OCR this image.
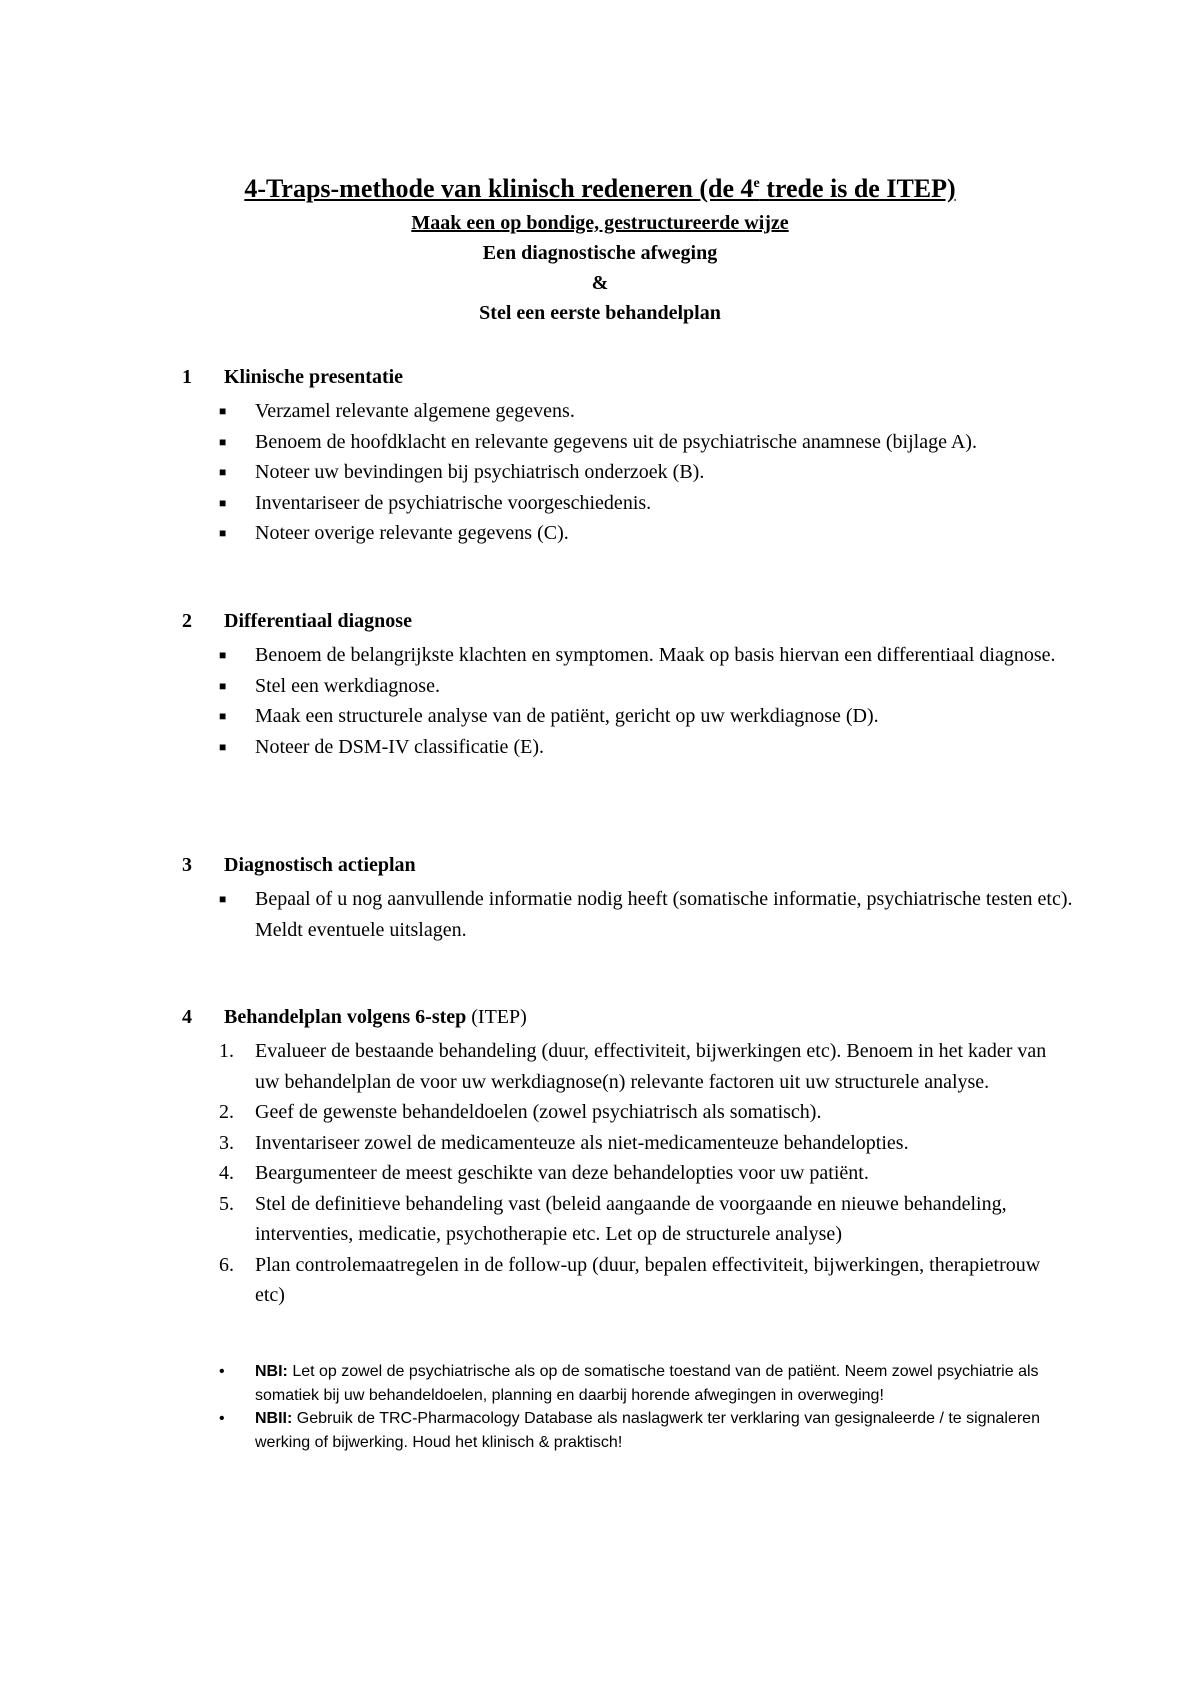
4-Traps-methode van klinisch redeneren (de 4e trede is de ITEP)
Maak een op bondige, gestructureerde wijze
Een diagnostische afweging
&
Stel een eerste behandelplan
1 Klinische presentatie
■ Verzamel relevante algemene gegevens.
■ Benoem de hoofdklacht en relevante gegevens uit de psychiatrische anamnese (bijlage A).
■ Noteer uw bevindingen bij psychiatrisch onderzoek (B).
■ Inventariseer de psychiatrische voorgeschiedenis.
■ Noteer overige relevante gegevens (C).
2 Differentiaal diagnose
■ Benoem de belangrijkste klachten en symptomen. Maak op basis hiervan een differentiaal diagnose.
■ Stel een werkdiagnose.
■ Maak een structurele analyse van de patiënt, gericht op uw werkdiagnose (D).
■ Noteer de DSM-IV classificatie (E).
3 Diagnostisch actieplan
■ Bepaal of u nog aanvullende informatie nodig heeft (somatische informatie, psychiatrische testen etc). Meldt eventuele uitslagen.
4 Behandelplan volgens 6-step (ITEP)
1. Evalueer de bestaande behandeling (duur, effectiviteit, bijwerkingen etc). Benoem in het kader van uw behandelplan de voor uw werkdiagnose(n) relevante factoren uit uw structurele analyse.
2. Geef de gewenste behandeldoelen (zowel psychiatrisch als somatisch).
3. Inventariseer zowel de medicamenteuze als niet-medicamenteuze behandelopties.
4. Beargumenteer de meest geschikte van deze behandelopties voor uw patiënt.
5. Stel de definitieve behandeling vast (beleid aangaande de voorgaande en nieuwe behandeling, interventies, medicatie, psychotherapie etc. Let op de structurele analyse)
6. Plan controlemaatregelen in de follow-up (duur, bepalen effectiviteit, bijwerkingen, therapietrouw etc)
• NBI: Let op zowel de psychiatrische als op de somatische toestand van de patiënt. Neem zowel psychiatrie als somatiek bij uw behandeldoelen, planning en daarbij horende afwegingen in overweging!
• NBII: Gebruik de TRC-Pharmacology Database als naslagwerk ter verklaring van gesignaleerde / te signaleren werking of bijwerking. Houd het klinisch & praktisch!
